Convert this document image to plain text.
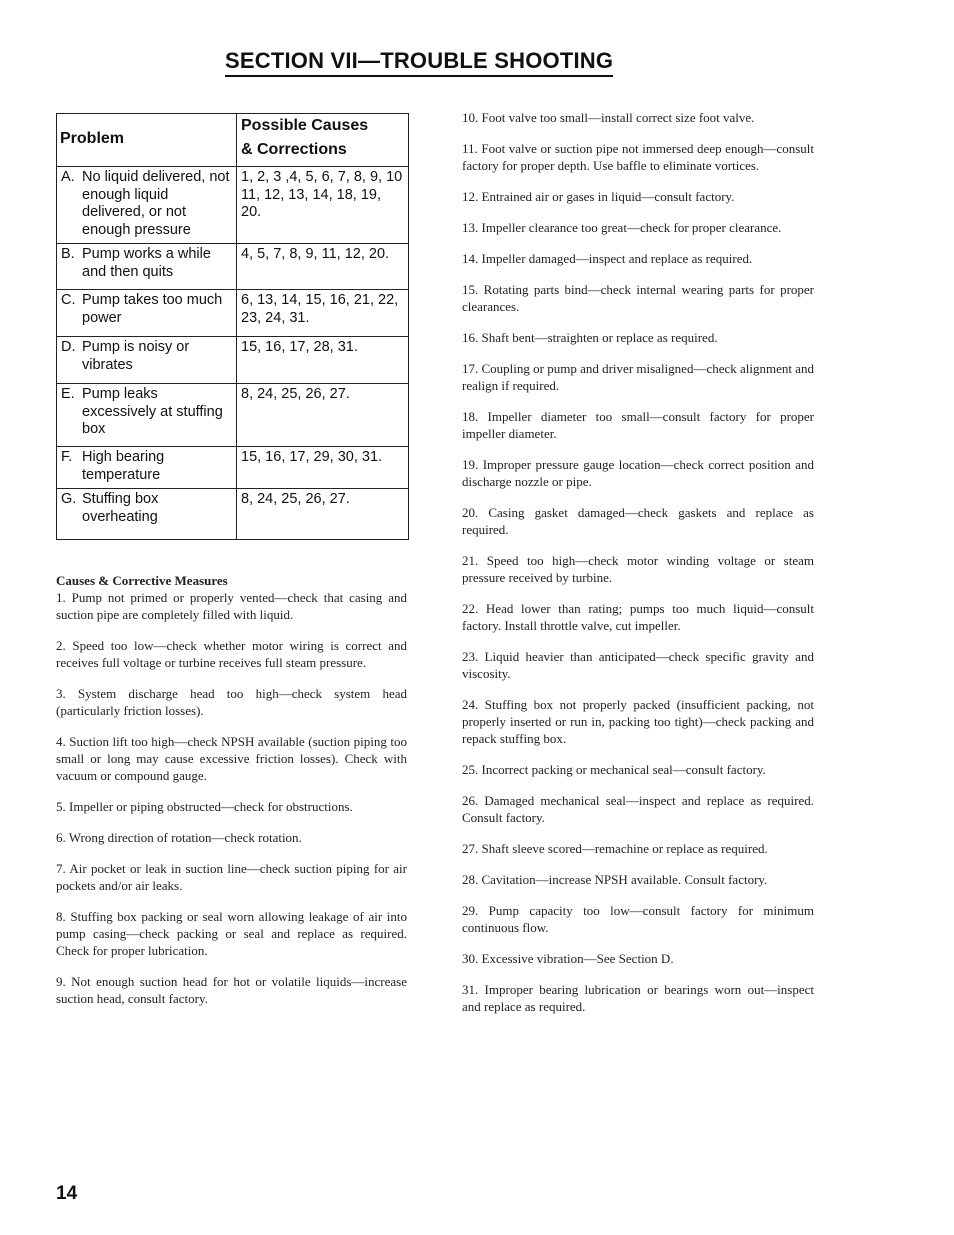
SECTION VII—TROUBLE SHOOTING
Problem	Possible Causes
& Corrections

A. No liquid delivered, not enough liquid delivered, or not enough pressure	1, 2, 3 ,4, 5, 6, 7, 8, 9, 10 11, 12, 13, 14, 18, 19, 20.

B. Pump works a while and then quits	4, 5, 7, 8, 9, 11, 12, 20.

C. Pump takes too much power	6, 13, 14, 15, 16, 21, 22, 23, 24, 31.

D. Pump is noisy or vibrates	15, 16, 17, 28, 31.

E. Pump leaks excessively at stuffing box	8, 24, 25, 26, 27.

F. High bearing temperature	15, 16, 17, 29, 30, 31.

G. Stuffing box overheating	8, 24, 25, 26, 27.

Causes & Corrective Measures

1. Pump not primed or properly vented—check that casing and suction pipe are completely filled with liquid.

2. Speed too low—check whether motor wiring is correct and receives full voltage or turbine receives full steam pressure.

3. System discharge head too high—check system head (particularly friction losses).

4. Suction lift too high—check NPSH available (suction piping too small or long may cause excessive friction losses). Check with vacuum or compound gauge.

5. Impeller or piping obstructed—check for obstructions.

6. Wrong direction of rotation—check rotation.

7. Air pocket or leak in suction line—check suction piping for air pockets and/or air leaks.

8. Stuffing box packing or seal worn allowing leakage of air into pump casing—check packing or seal and replace as required. Check for proper lubrication.

9. Not enough suction head for hot or volatile liquids—increase suction head, consult factory.

10. Foot valve too small—install correct size foot valve.

11. Foot valve or suction pipe not immersed deep enough—consult factory for proper depth. Use baffle to eliminate vortices.

12. Entrained air or gases in liquid—consult factory.

13. Impeller clearance too great—check for proper clearance.

14. Impeller damaged—inspect and replace as required.

15. Rotating parts bind—check internal wearing parts for proper clearances.

16. Shaft bent—straighten or replace as required.

17. Coupling or pump and driver misaligned—check alignment and realign if required.

18. Impeller diameter too small—consult factory for proper impeller diameter.

19. Improper pressure gauge location—check correct position and discharge nozzle or pipe.

20. Casing gasket damaged—check gaskets and replace as required.

21. Speed too high—check motor winding voltage or steam pressure received by turbine.

22. Head lower than rating; pumps too much liquid—consult factory. Install throttle valve, cut impeller.

23. Liquid heavier than anticipated—check specific gravity and viscosity.

24. Stuffing box not properly packed (insufficient packing, not properly inserted or run in, packing too tight)—check packing and repack stuffing box.

25. Incorrect packing or mechanical seal—consult factory.

26. Damaged mechanical seal—inspect and replace as required. Consult factory.

27. Shaft sleeve scored—remachine or replace as required.

28. Cavitation—increase NPSH available. Consult factory.

29. Pump capacity too low—consult factory for minimum continuous flow.

30. Excessive vibration—See Section D.

31. Improper bearing lubrication or bearings worn out—inspect and replace as required.

14
